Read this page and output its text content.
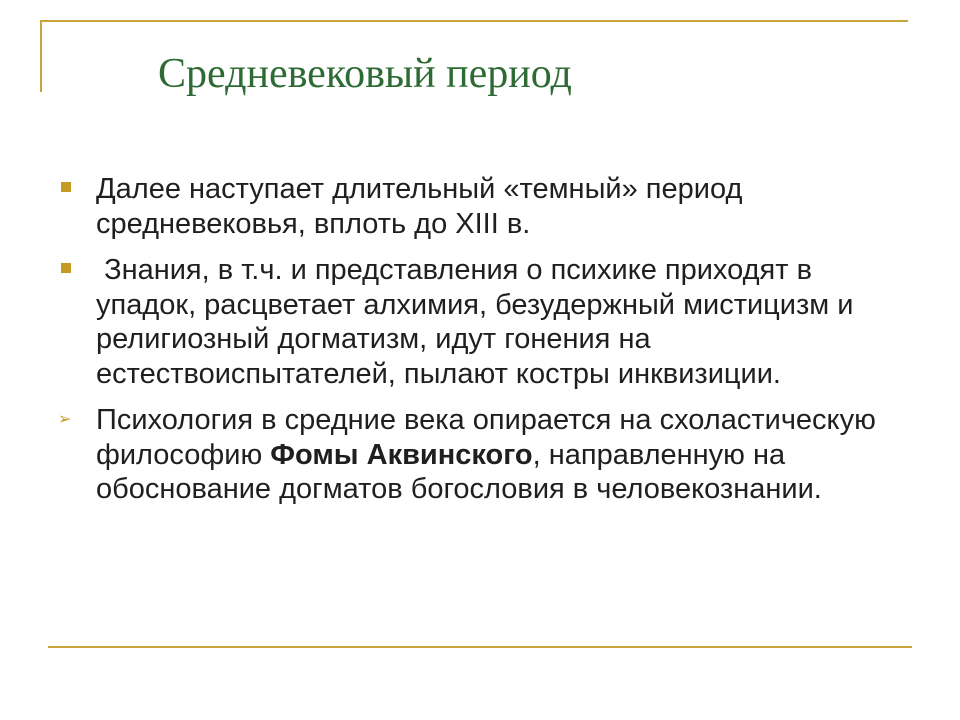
Средневековый период
Далее наступает длительный «темный» период средневековья, вплоть до XIII в.
Знания, в т.ч. и представления о психике приходят в упадок, расцветает алхимия, безудержный мистицизм и религиозный догматизм, идут гонения на естествоиспытателей, пылают костры инквизиции.
➢ Психология в средние века опирается на схоластическую философию Фомы Аквинского, направленную на обоснование догматов богословия в человекознании.
